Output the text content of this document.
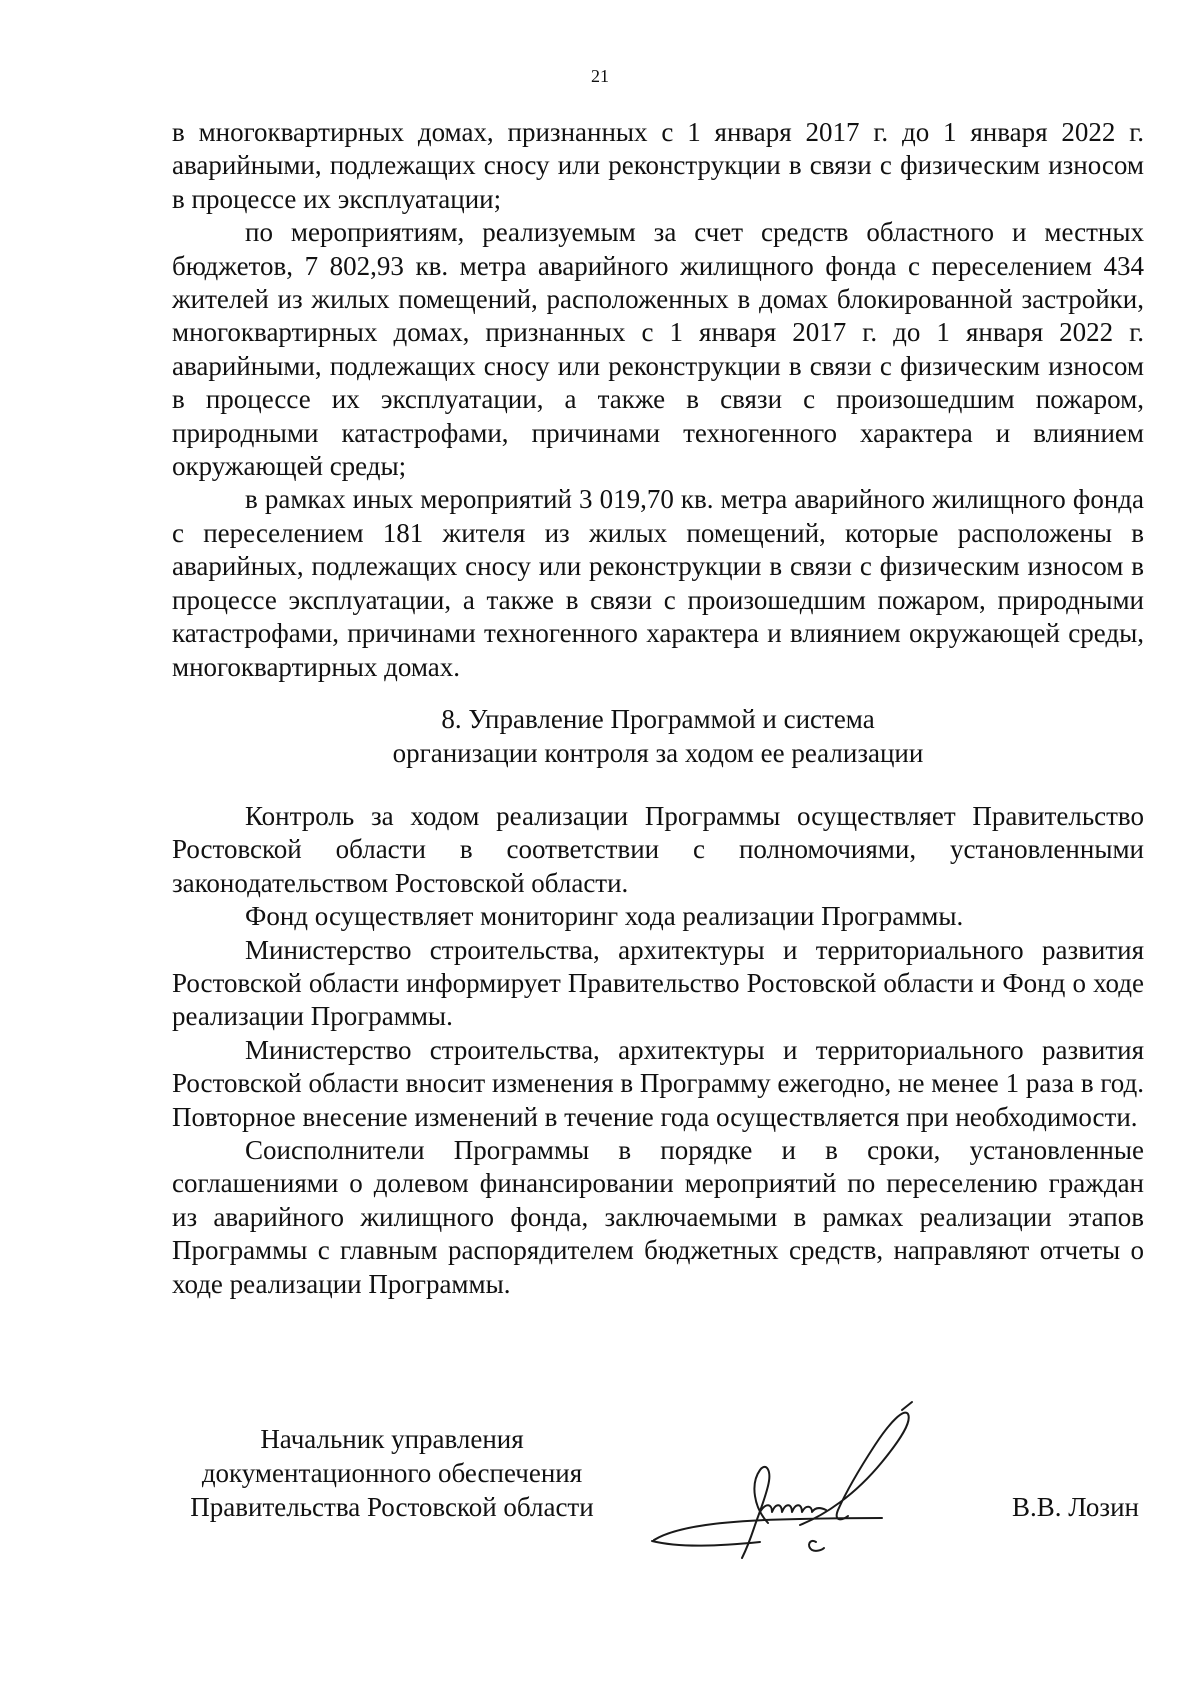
21

в многоквартирных домах, признанных с 1 января 2017 г. до 1 января 2022 г. аварийными, подлежащих сносу или реконструкции в связи с физическим износом в процессе их эксплуатации;

по мероприятиям, реализуемым за счет средств областного и местных бюджетов, 7 802,93 кв. метра аварийного жилищного фонда с переселением 434 жителей из жилых помещений, расположенных в домах блокированной застройки, многоквартирных домах, признанных с 1 января 2017 г. до 1 января 2022 г. аварийными, подлежащих сносу или реконструкции в связи с физическим износом в процессе их эксплуатации, а также в связи с произошедшим пожаром, природными катастрофами, причинами техногенного характера и влиянием окружающей среды;

в рамках иных мероприятий 3 019,70 кв. метра аварийного жилищного фонда с переселением 181 жителя из жилых помещений, которые расположены в аварийных, подлежащих сносу или реконструкции в связи с физическим износом в процессе эксплуатации, а также в связи с произошедшим пожаром, природными катастрофами, причинами техногенного характера и влиянием окружающей среды, многоквартирных домах.

8. Управление Программой и система
организации контроля за ходом ее реализации

Контроль за ходом реализации Программы осуществляет Правительство Ростовской области в соответствии с полномочиями, установленными законодательством Ростовской области.

Фонд осуществляет мониторинг хода реализации Программы.

Министерство строительства, архитектуры и территориального развития Ростовской области информирует Правительство Ростовской области и Фонд о ходе реализации Программы.

Министерство строительства, архитектуры и территориального развития Ростовской области вносит изменения в Программу ежегодно, не менее 1 раза в год. Повторное внесение изменений в течение года осуществляется при необходимости.

Соисполнители Программы в порядке и в сроки, установленные соглашениями о долевом финансировании мероприятий по переселению граждан из аварийного жилищного фонда, заключаемыми в рамках реализации этапов Программы с главным распорядителем бюджетных средств, направляют отчеты о ходе реализации Программы.

Начальник управления
документационного обеспечения
Правительства Ростовской области	В.В. Лозин
